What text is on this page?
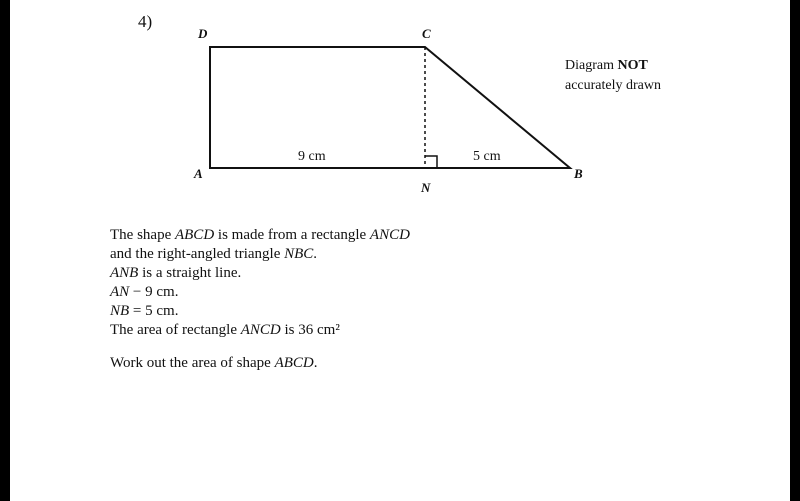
4)
D	C
A
N
B
9 cm	5 cm
Diagram NOT
accurately drawn
The shape ABCD is made from a rectangle ANCD
and the right-angled triangle NBC.
ANB is a straight line.
AN − 9 cm.
NB = 5 cm.
The area of rectangle ANCD is 36 cm²
Work out the area of shape ABCD.
